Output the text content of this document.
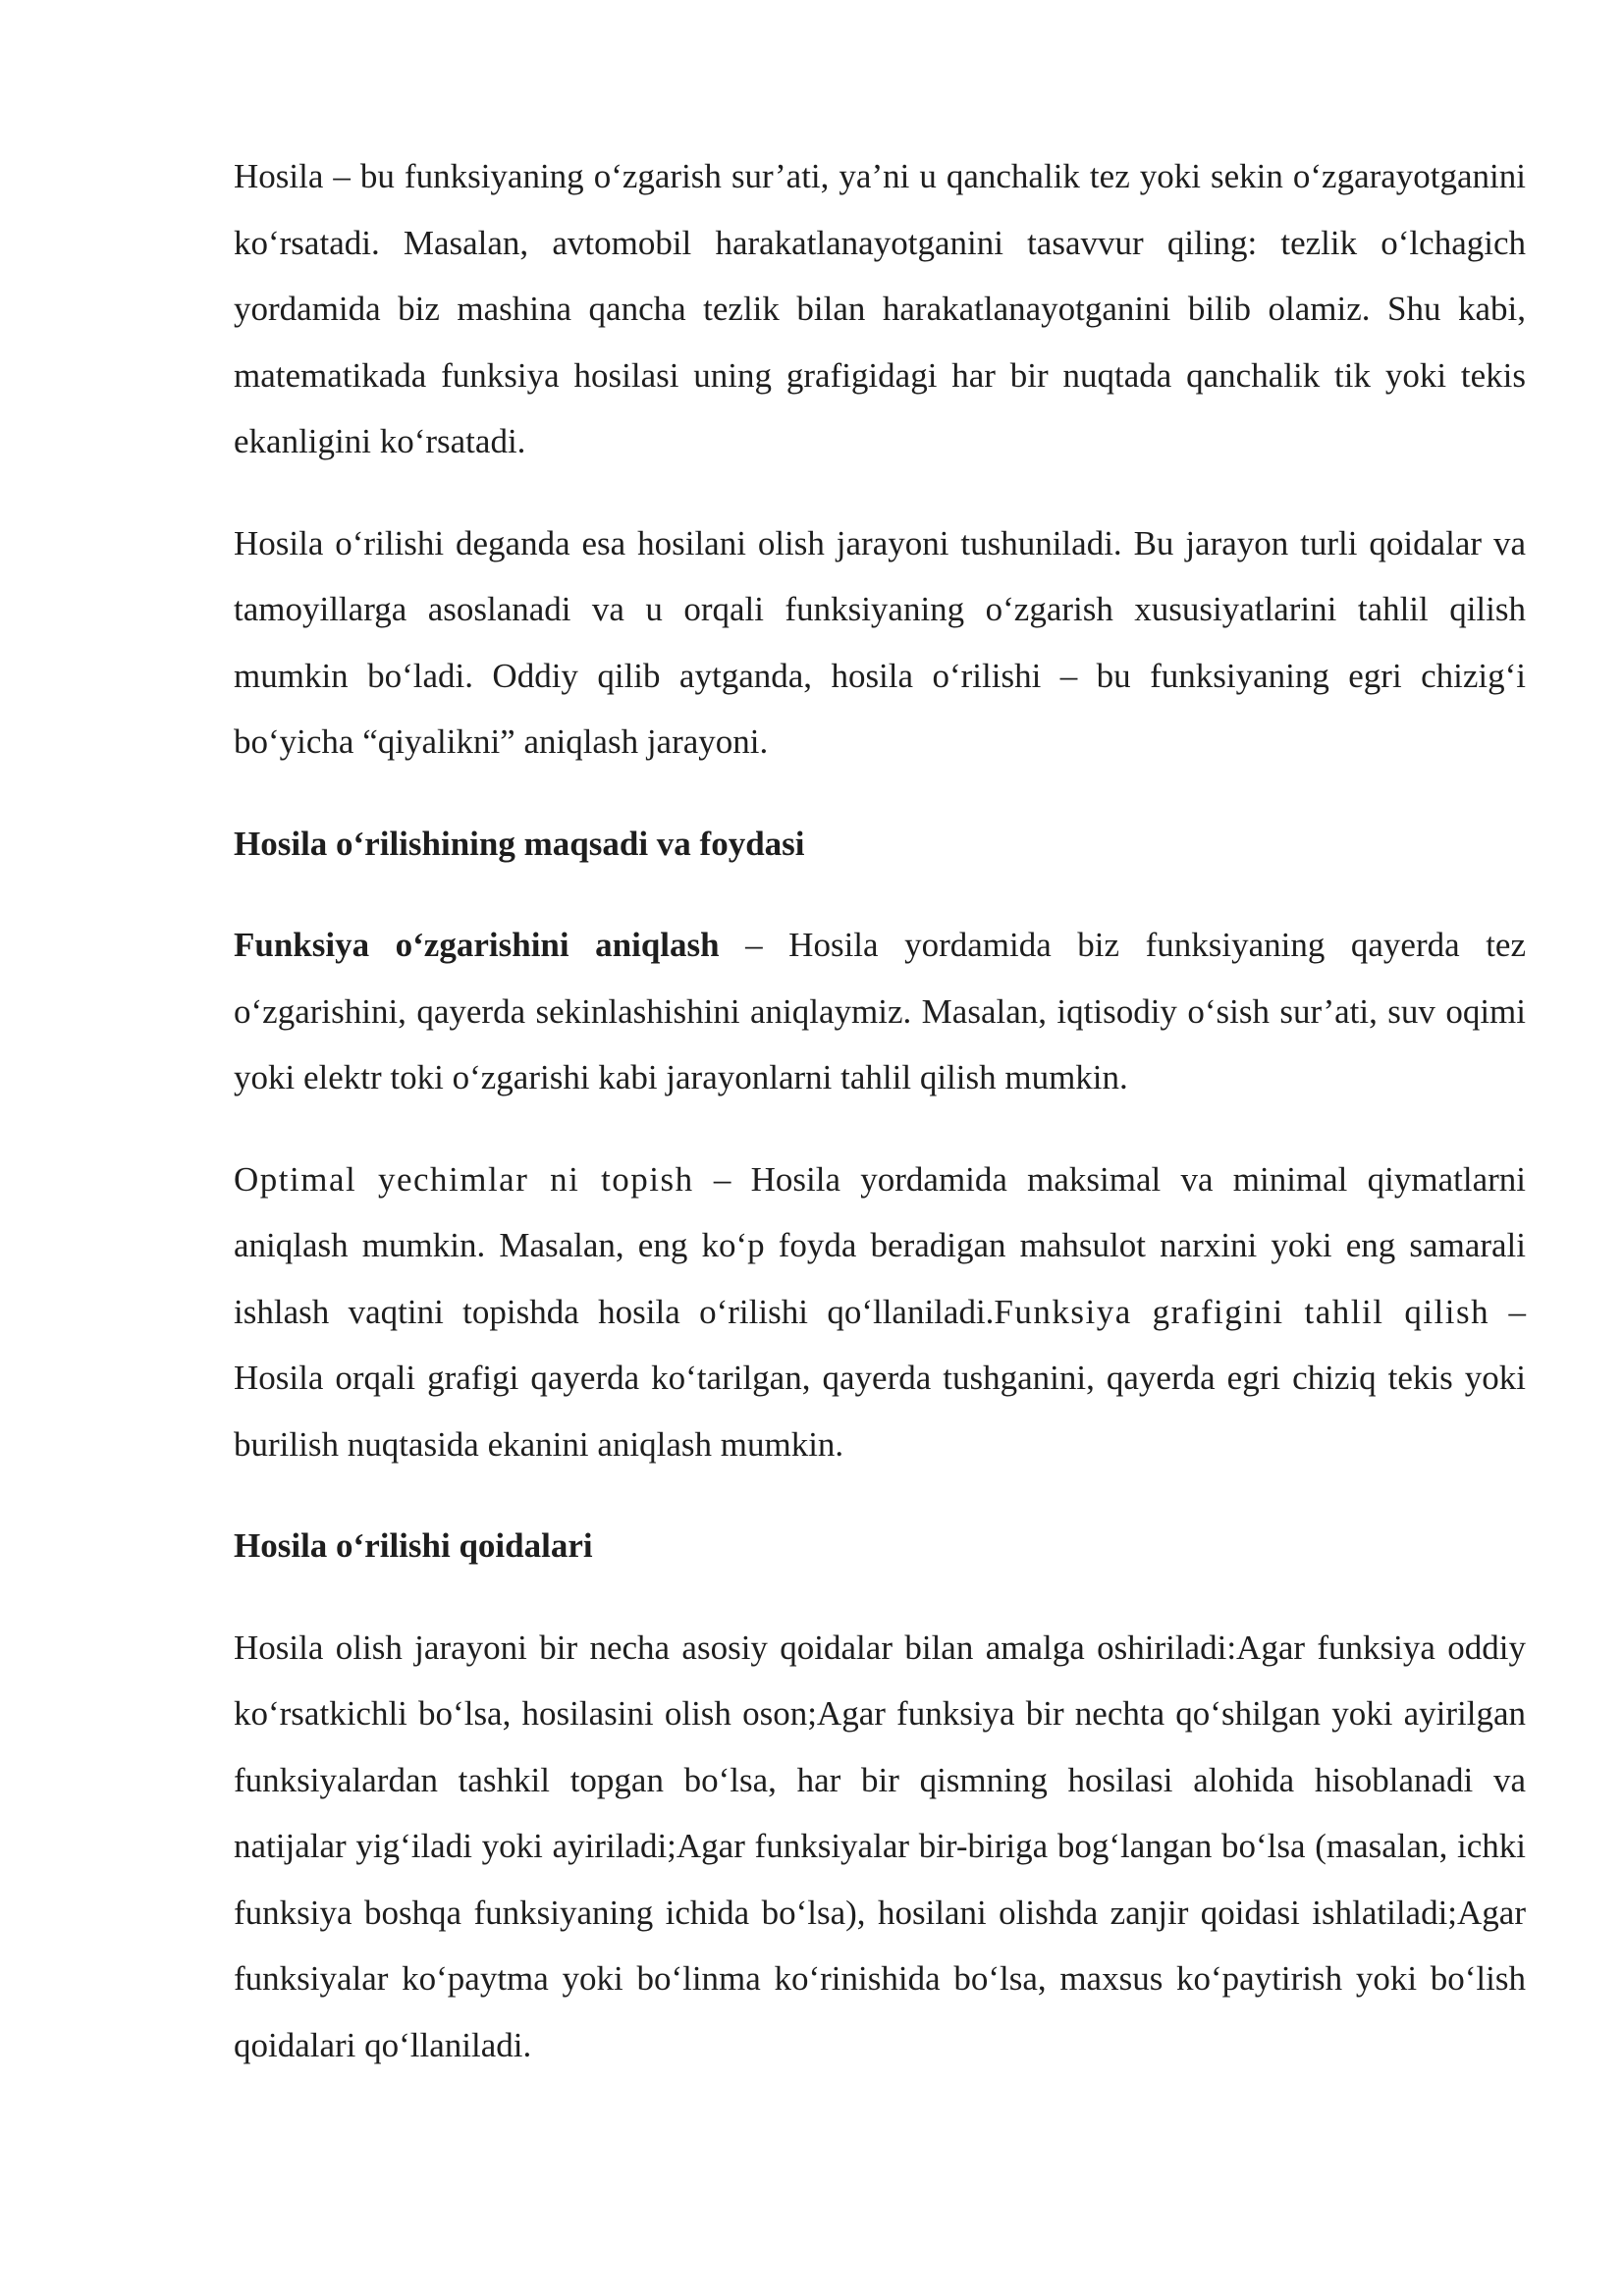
Hosila – bu funksiyaning o‘zgarish sur’ati, ya’ni u qanchalik tez yoki sekin o‘zgarayotganini ko‘rsatadi. Masalan, avtomobil harakatlanayotganini tasavvur qiling: tezlik o‘lchagich yordamida biz mashina qancha tezlik bilan harakatlanayotganini bilib olamiz. Shu kabi, matematikada funksiya hosilasi uning grafigidagi har bir nuqtada qanchalik tik yoki tekis ekanligini ko‘rsatadi.

Hosila o‘rilishi deganda esa hosilani olish jarayoni tushuniladi. Bu jarayon turli qoidalar va tamoyillarga asoslanadi va u orqali funksiyaning o‘zgarish xususiyatlarini tahlil qilish mumkin bo‘ladi. Oddiy qilib aytganda, hosila o‘rilishi – bu funksiyaning egri chizig‘i bo‘yicha “qiyalikni” aniqlash jarayoni.

Hosila o‘rilishining maqsadi va foydasi

Funksiya o‘zgarishini aniqlash – Hosila yordamida biz funksiyaning qayerda tez o‘zgarishini, qayerda sekinlashishini aniqlaymiz. Masalan, iqtisodiy o‘sish sur’ati, suv oqimi yoki elektr toki o‘zgarishi kabi jarayonlarni tahlil qilish mumkin.

Optimal yechimlar ni topish – Hosila yordamida maksimal va minimal qiymatlarni aniqlash mumkin. Masalan, eng ko‘p foyda beradigan mahsulot narxini yoki eng samarali ishlash vaqtini topishda hosila o‘rilishi qo‘llaniladi.Funksiya grafigini tahlil qilish – Hosila orqali grafigi qayerda ko‘tarilgan, qayerda tushganini, qayerda egri chiziq tekis yoki burilish nuqtasida ekanini aniqlash mumkin.

Hosila o‘rilishi qoidalari

Hosila olish jarayoni bir necha asosiy qoidalar bilan amalga oshiriladi:Agar funksiya oddiy ko‘rsatkichli bo‘lsa, hosilasini olish oson;Agar funksiya bir nechta qo‘shilgan yoki ayirilgan funksiyalardan tashkil topgan bo‘lsa, har bir qismning hosilasi alohida hisoblanadi va natijalar yig‘iladi yoki ayiriladi;Agar funksiyalar bir-biriga bog‘langan bo‘lsa (masalan, ichki funksiya boshqa funksiyaning ichida bo‘lsa), hosilani olishda zanjir qoidasi ishlatiladi;Agar funksiyalar ko‘paytma yoki bo‘linma ko‘rinishida bo‘lsa, maxsus ko‘paytirish yoki bo‘lish qoidalari qo‘llaniladi.
